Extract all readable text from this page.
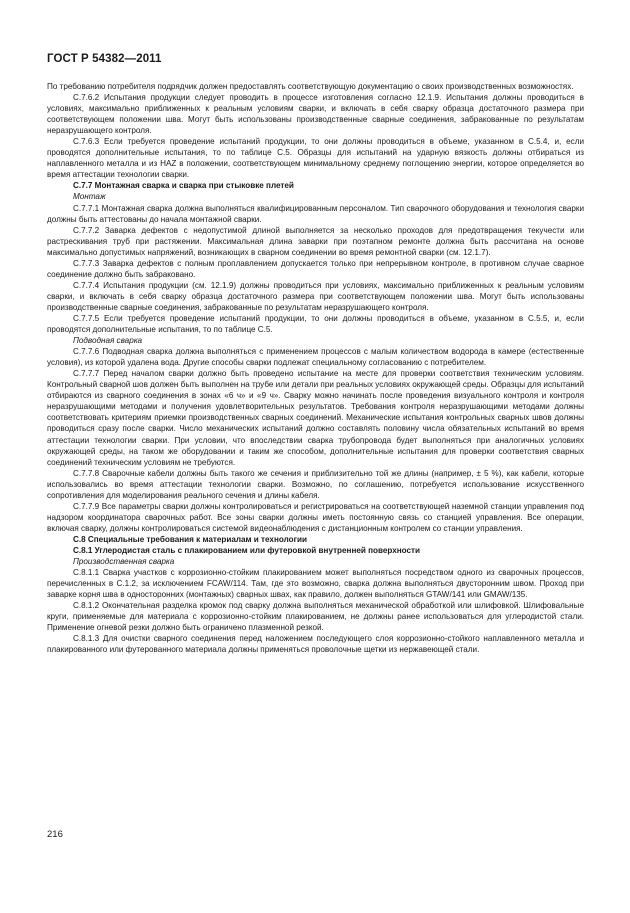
ГОСТ Р 54382—2011

По требованию потребителя подрядчик должен предоставлять соответствующую документацию о своих производственных возможностях.

С.7.6.2 Испытания продукции следует проводить в процессе изготовления согласно 12.1.9. Испытания должны проводиться в условиях, максимально приближенных к реальным условиям сварки, и включать в себя сварку образца достаточного размера при соответствующем положении шва. Могут быть использованы производственные сварные соединения, забракованные по результатам неразрушающего контроля.

С.7.6.3 Если требуется проведение испытаний продукции, то они должны проводиться в объеме, указанном в С.5.4, и, если проводятся дополнительные испытания, то по таблице С.5. Образцы для испытаний на ударную вязкость должны отбираться из наплавленного металла и из HAZ в положении, соответствующем минимальному среднему поглощению энергии, которое определяется во время аттестации технологии сварки.

С.7.7 Монтажная сварка и сварка при стыковке плетей

Монтаж

С.7.7.1 Монтажная сварка должна выполняться квалифицированным персоналом. Тип сварочного оборудования и технология сварки должны быть аттестованы до начала монтажной сварки.

С.7.7.2 Заварка дефектов с недопустимой длиной выполняется за несколько проходов для предотвращения текучести или растрескивания труб при растяжении. Максимальная длина заварки при поэтапном ремонте должна быть рассчитана на основе максимально допустимых напряжений, возникающих в сварном соединении во время ремонтной сварки (см. 12.1.7).

С.7.7.3 Заварка дефектов с полным проплавлением допускается только при непрерывном контроле, в противном случае сварное соединение должно быть забраковано.

С.7.7.4 Испытания продукции (см. 12.1.9) должны проводиться при условиях, максимально приближенных к реальным условиям сварки, и включать в себя сварку образца достаточного размера при соответствующем положении шва. Могут быть использованы производственные сварные соединения, забракованные по результатам неразрушающего контроля.

С.7.7.5 Если требуется проведение испытаний продукции, то они должны проводиться в объеме, указанном в С.5.5, и, если проводятся дополнительные испытания, то по таблице С.5.

Подводная сварка

С.7.7.6 Подводная сварка должна выполняться с применением процессов с малым количеством водорода в камере (естественные условия), из которой удалена вода. Другие способы сварки подлежат специальному согласованию с потребителем.

С.7.7.7 Перед началом сварки должно быть проведено испытание на месте для проверки соответствия техническим условиям. Контрольный сварной шов должен быть выполнен на трубе или детали при реальных условиях окружающей среды. Образцы для испытаний отбираются из сварного соединения в зонах «6 ч» и «9 ч». Сварку можно начинать после проведения визуального контроля и контроля неразрушающими методами и получения удовлетворительных результатов. Требования контроля неразрушающими методами должны соответствовать критериям приемки производственных сварных соединений. Механические испытания контрольных сварных швов должны проводиться сразу после сварки. Число механических испытаний должно составлять половину числа обязательных испытаний во время аттестации технологии сварки. При условии, что впоследствии сварка трубопровода будет выполняться при аналогичных условиях окружающей среды, на таком же оборудовании и таким же способом, дополнительные испытания для проверки соответствия сварных соединений техническим условиям не требуются.

С.7.7.8 Сварочные кабели должны быть такого же сечения и приблизительно той же длины (например, ± 5 %), как кабели, которые использовались во время аттестации технологии сварки. Возможно, по соглашению, потребуется использование искусственного сопротивления для моделирования реального сечения и длины кабеля.

С.7.7.9 Все параметры сварки должны контролироваться и регистрироваться на соответствующей наземной станции управления под надзором координатора сварочных работ. Все зоны сварки должны иметь постоянную связь со станцией управления. Все операции, включая сварку, должны контролироваться системой видеонаблюдения с дистанционным контролем со станции управления.

С.8 Специальные требования к материалам и технологии

С.8.1 Углеродистая сталь с плакированием или футеровкой внутренней поверхности

Производственная сварка

С.8.1.1 Сварка участков с коррозионно-стойким плакированием может выполняться посредством одного из сварочных процессов, перечисленных в С.1.2, за исключением FCAW/114. Там, где это возможно, сварка должна выполняться двусторонним швом. Проход при заварке корня шва в односторонних (монтажных) сварных швах, как правило, должен выполняться GTAW/141 или GMAW/135.

С.8.1.2 Окончательная разделка кромок под сварку должна выполняться механической обработкой или шлифовкой. Шлифовальные круги, применяемые для материала с коррозионно-стойким плакированием, не должны ранее использоваться для углеродистой стали. Применение огневой резки должно быть ограничено плазменной резкой.

С.8.1.3 Для очистки сварного соединения перед наложением последующего слоя коррозионно-стойкого наплавленного металла и плакированного или футерованного материала должны применяться проволочные щетки из нержавеющей стали.

216
